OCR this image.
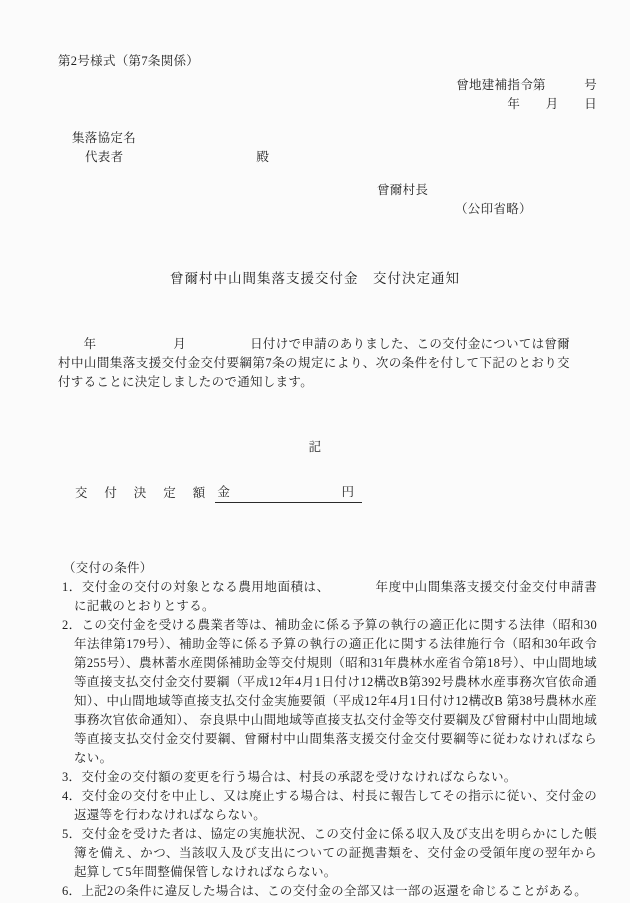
第2号様式（第7条関係）
曾地建補指令第　　　号
年　　月　　日
集落協定名
代表者	殿
曾爾村長
（公印省略）
曾爾村中山間集落支援交付金　交付決定通知

　　年　　　　　　月　　　　　日付けで申請のありました、この交付金については曾爾村中山間集落支援交付金交付要綱第7条の規定により、次の条件を付して下記のとおり交付することに決定しましたので通知します。

記
交　付　決　定　額 金	円
（交付の条件）
1．交付金の交付の対象となる農用地面積は、　　　　年度中山間集落支援交付金交付申請書に記載のとおりとする。
2．この交付金を受ける農業者等は、補助金に係る予算の執行の適正化に関する法律（昭和30年法律第179号）、補助金等に係る予算の執行の適正化に関する法律施行令（昭和30年政令第255号）、農林蓄水産関係補助金等交付規則（昭和31年農林水産省令第18号）、中山間地域等直接支払交付金交付要綱（平成12年4月1日付け12構改B第392号農林水産事務次官依命通知）、中山間地域等直接支払交付金実施要領（平成12年4月1日付け12構改B 第38号農林水産事務次官依命通知）、 奈良県中山間地域等直接支払交付金等交付要綱及び曾爾村中山間地域等直接支払交付金交付要綱、曾爾村中山間集落支援交付金交付要綱等に従わなければならない。
3．交付金の交付額の変更を行う場合は、村長の承認を受けなければならない。
4．交付金の交付を中止し、又は廃止する場合は、村長に報告してその指示に従い、交付金の返還等を行わなければならない。
5．交付金を受けた者は、協定の実施状況、この交付金に係る収入及び支出を明らかにした帳簿を備え、かつ、当該収入及び支出についての証拠書類を、交付金の受領年度の翌年から起算して5年間整備保管しなければならない。
6．上記2の条件に違反した場合は、この交付金の全部又は一部の返還を命じることがある。
